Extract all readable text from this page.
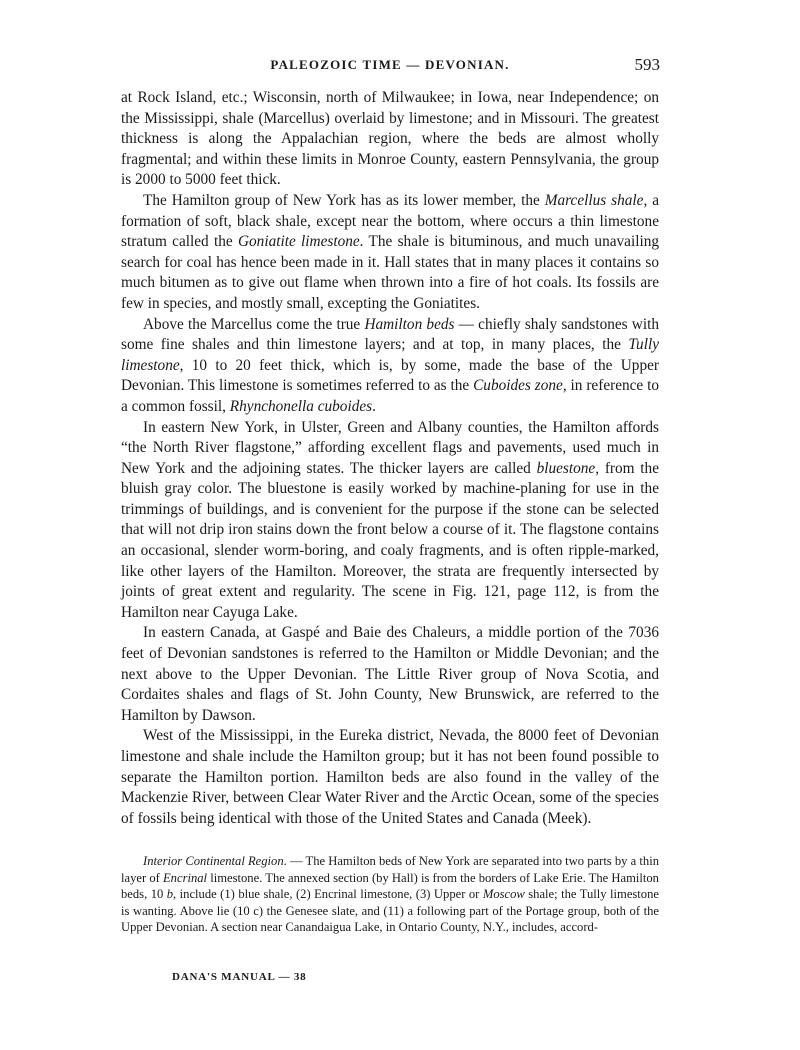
PALEOZOIC TIME — DEVONIAN.	593

at Rock Island, etc.; Wisconsin, north of Milwaukee; in Iowa, near Independence; on the Mississippi, shale (Marcellus) overlaid by limestone; and in Missouri. The greatest thickness is along the Appalachian region, where the beds are almost wholly fragmental; and within these limits in Monroe County, eastern Pennsylvania, the group is 2000 to 5000 feet thick.

The Hamilton group of New York has as its lower member, the Marcellus shale, a formation of soft, black shale, except near the bottom, where occurs a thin limestone stratum called the Goniatite limestone. The shale is bituminous, and much unavailing search for coal has hence been made in it. Hall states that in many places it contains so much bitumen as to give out flame when thrown into a fire of hot coals. Its fossils are few in species, and mostly small, excepting the Goniatites.

Above the Marcellus come the true Hamilton beds — chiefly shaly sandstones with some fine shales and thin limestone layers; and at top, in many places, the Tully limestone, 10 to 20 feet thick, which is, by some, made the base of the Upper Devonian. This limestone is sometimes referred to as the Cuboides zone, in reference to a common fossil, Rhynchonella cuboides.

In eastern New York, in Ulster, Green and Albany counties, the Hamilton affords “the North River flagstone,” affording excellent flags and pavements, used much in New York and the adjoining states. The thicker layers are called bluestone, from the bluish gray color. The bluestone is easily worked by machine-planing for use in the trimmings of buildings, and is convenient for the purpose if the stone can be selected that will not drip iron stains down the front below a course of it. The flagstone contains an occasional, slender worm-boring, and coaly fragments, and is often ripple-marked, like other layers of the Hamilton. Moreover, the strata are frequently intersected by joints of great extent and regularity. The scene in Fig. 121, page 112, is from the Hamilton near Cayuga Lake.

In eastern Canada, at Gaspé and Baie des Chaleurs, a middle portion of the 7036 feet of Devonian sandstones is referred to the Hamilton or Middle Devonian; and the next above to the Upper Devonian. The Little River group of Nova Scotia, and Cordaites shales and flags of St. John County, New Brunswick, are referred to the Hamilton by Dawson.

West of the Mississippi, in the Eureka district, Nevada, the 8000 feet of Devonian limestone and shale include the Hamilton group; but it has not been found possible to separate the Hamilton portion. Hamilton beds are also found in the valley of the Mackenzie River, between Clear Water River and the Arctic Ocean, some of the species of fossils being identical with those of the United States and Canada (Meek).

Interior Continental Region. — The Hamilton beds of New York are separated into two parts by a thin layer of Encrinal limestone. The annexed section (by Hall) is from the borders of Lake Erie. The Hamilton beds, 10 b, include (1) blue shale, (2) Encrinal limestone, (3) Upper or Moscow shale; the Tully limestone is wanting. Above lie (10 c) the Genesee slate, and (11) a following part of the Portage group, both of the Upper Devonian. A section near Canandaigua Lake, in Ontario County, N.Y., includes, accord-

DANA'S MANUAL — 38
